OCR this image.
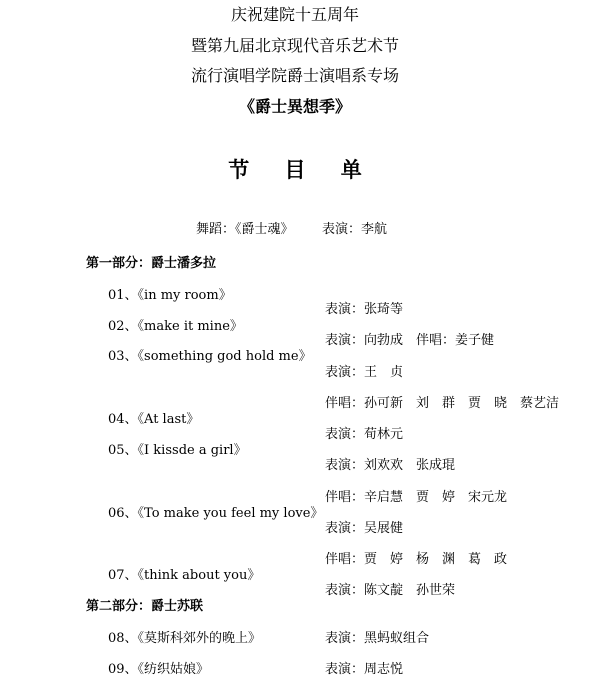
庆祝建院十五周年
暨第九届北京现代音乐艺术节
流行演唱学院爵士演唱系专场
《爵士異想季》
节 目 单
舞蹈：《爵士魂》 表演：李航
第一部分：爵士潘多拉
01、《in my room》
02、《make it mine》
03、《something god hold me》
04、《At last》
05、《I kissde a girl》
06、《To make you feel my love》
07、《think about you》
表演：张琦等
表演：向勃成　伴唱：姜子健
表演：王　贞
伴唱：孙可新　刘　群　贾　晓　蔡艺洁
表演：荀林元
表演：刘欢欢　张成琨
伴唱：辛启慧　贾　婷　宋元龙
表演：吴展健
伴唱：贾　婷　杨　渊　葛　政
表演：陈文靛　孙世荣
第二部分：爵士苏联
08、《莫斯科郊外的晚上》	表演：黑蚂蚁组合
09、《纺织姑娘》	表演：周志悦
